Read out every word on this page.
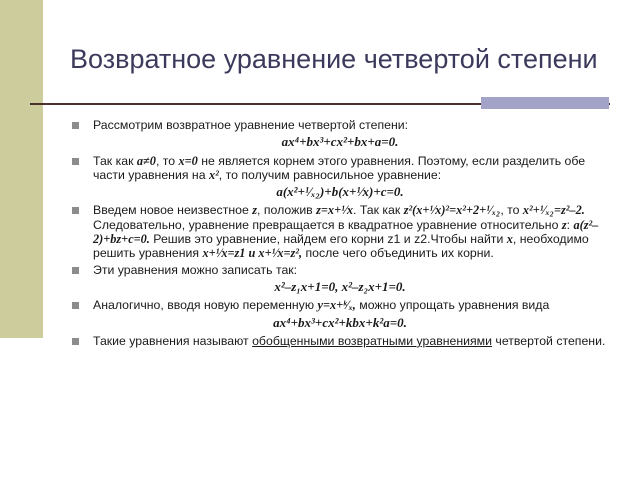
Возвратное уравнение четвертой степени
Рассмотрим возвратное уравнение четвертой степени:
ax⁴+bx³+cx²+bx+a=0.
Так как a≠0, то x=0 не является корнем этого уравнения. Поэтому, если разделить обе части уравнения на x², то получим равносильное уравнение:
a(x²+¹⁄ₓ₂)+b(x+¹⁄x)+c=0.
Введем новое неизвестное z, положив z=x+¹⁄x. Так как z²(x+¹⁄x)²=x²+2+¹⁄ₓ₂, то x²+¹⁄ₓ₂=z²–2. Следовательно, уравнение превращается в квадратное уравнение относительно z: a(z²–2)+bz+c=0. Решив это уравнение, найдем его корни z1 и z2.Чтобы найти x, необходимо решить уравнения x+¹⁄x=z1 и x+¹⁄x=z², после чего объединить их корни.
Эти уравнения можно записать так:
x²–z₁x+1=0, x²–z₂x+1=0.
Аналогично, вводя новую переменную y=x+ᵏ⁄ₓ, можно упрощать уравнения вида
ax⁴+bx³+cx²+kbx+k²a=0.
Такие уравнения называют обобщенными возвратными уравнениями четвертой степени.
